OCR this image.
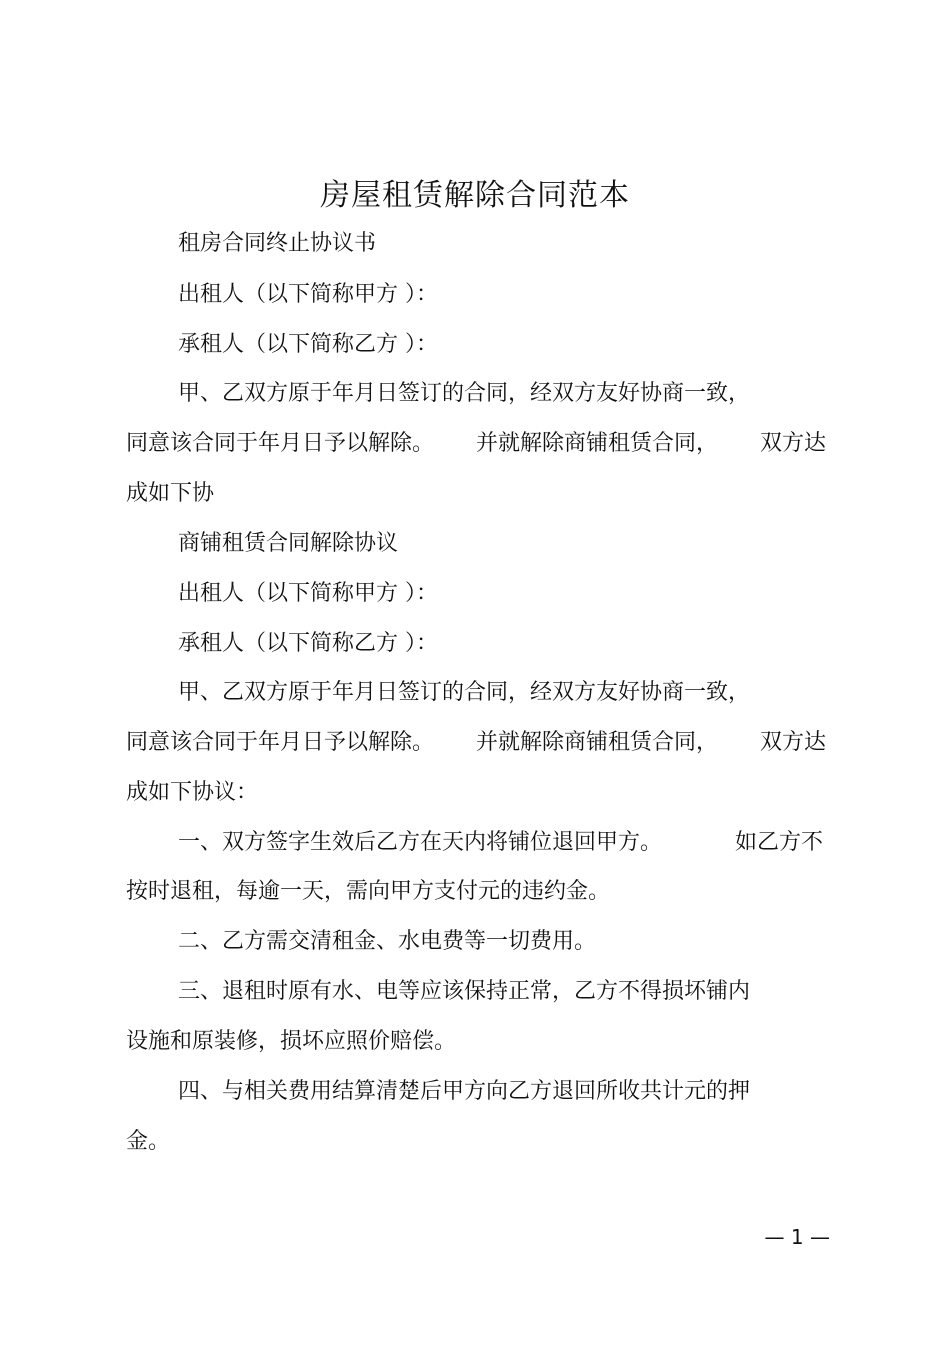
房屋租赁解除合同范本

租房合同终止协议书

出租人（以下简称甲方 ）：

承租人（以下简称乙方 ）：

甲、乙双方原于年月日签订的合同，经双方友好协商一致，

同意该合同于年月日予以解除。 并就解除商铺租赁合同， 双方达

成如下协

商铺租赁合同解除协议

出租人（以下简称甲方 ）：

承租人（以下简称乙方 ）：

甲、乙双方原于年月日签订的合同，经双方友好协商一致，

同意该合同于年月日予以解除。 并就解除商铺租赁合同， 双方达

成如下协议：

一、双方签字生效后乙方在天内将铺位退回甲方。	如乙方不

按时退租，每逾一天，需向甲方支付元的违约金。

二、乙方需交清租金、水电费等一切费用。

三、退租时原有水、电等应该保持正常，乙方不得损坏铺内

设施和原装修，损坏应照价赔偿。

四、与相关费用结算清楚后甲方向乙方退回所收共计元的押

金。

— 1 —
